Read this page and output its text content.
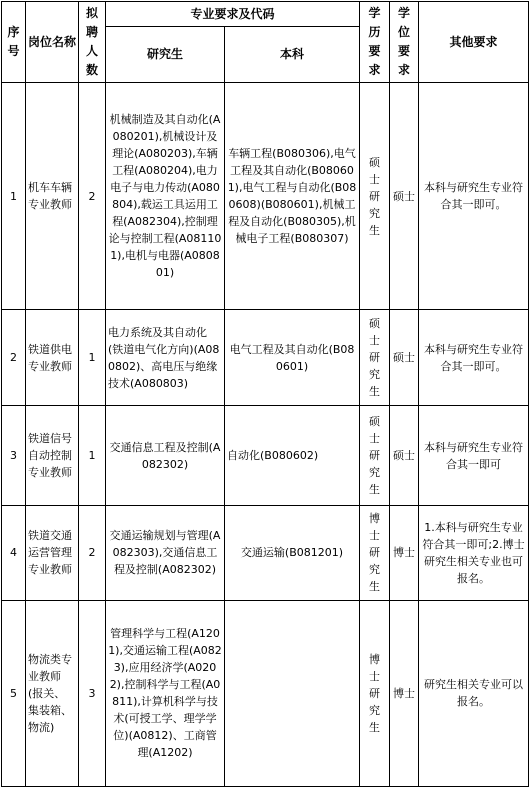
序号	岗位名称	拟聘人数	专业要求及代码		学历要求	学位要求	其他要求
			研究生	本科			
1	机车车辆专业教师	2	机械制造及其自动化(A080201),机械设计及理论(A080203),车辆工程(A080204),电力电子与电力传动(A080804),载运工具运用工程(A082304),控制理论与控制工程(A081101),电机与电器(A080801)	车辆工程(B080306),电气工程及其自动化(B080601),电气工程与自动化(B080608)(B080601),机械工程及自动化(B080305),机械电子工程(B080307)	硕士研究生	硕士	本科与研究生专业符合其一即可。
2	铁道供电专业教师	1	电力系统及其自动化(铁道电气化方向)(A080802)、高电压与绝缘技术(A080803)	电气工程及其自动化(B080601)	硕士研究生	硕士	本科与研究生专业符合其一即可。
3	铁道信号自动控制专业教师	1	交通信息工程及控制(A082302)	自动化(B080602)	硕士研究生	硕士	本科与研究生专业符合其一即可
4	铁道交通运营管理专业教师	2	交通运输规划与管理(A082303),交通信息工程及控制(A082302)	交通运输(B081201)	博士研究生	博士	1.本科与研究生专业符合其一即可;2.博士研究生相关专业也可报名。
5	物流类专业教师(报关、集装箱、物流)	3	管理科学与工程(A1201),交通运输工程(A0823),应用经济学(A0202),控制科学与工程(A0811),计算机科学与技术(可授工学、理学学位)(A0812)、工商管理(A1202)		博士研究生	博士	研究生相关专业可以报名。
